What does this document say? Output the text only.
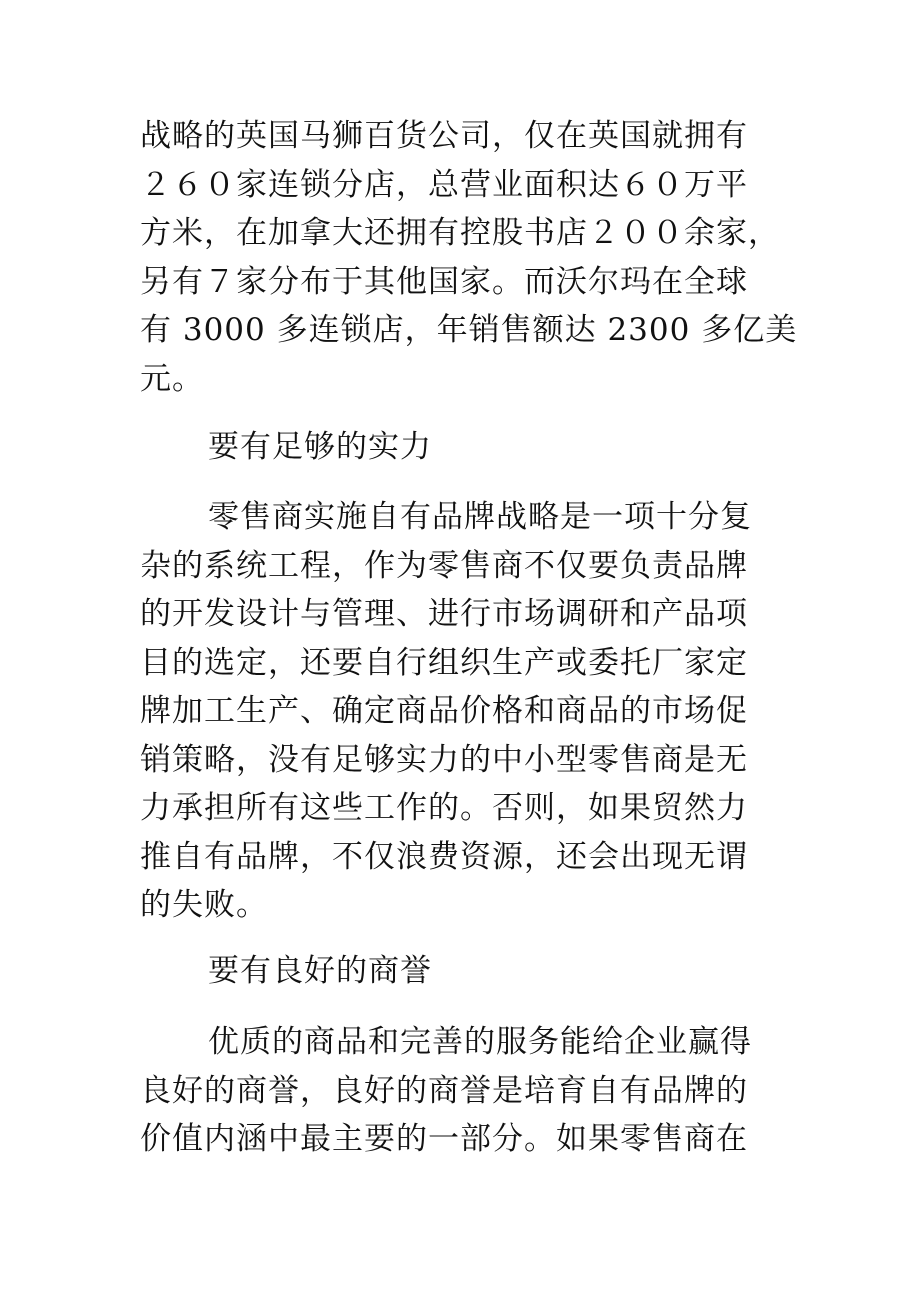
战略的英国马狮百货公司，仅在英国就拥有
２６０家连锁分店，总营业面积达６０万平
方米，在加拿大还拥有控股书店２００余家，
另有７家分布于其他国家。而沃尔玛在全球
有 3000 多连锁店，年销售额达 2300 多亿美
元。
要有足够的实力
零售商实施自有品牌战略是一项十分复
杂的系统工程，作为零售商不仅要负责品牌
的开发设计与管理、进行市场调研和产品项
目的选定，还要自行组织生产或委托厂家定
牌加工生产、确定商品价格和商品的市场促
销策略，没有足够实力的中小型零售商是无
力承担所有这些工作的。否则，如果贸然力
推自有品牌，不仅浪费资源，还会出现无谓
的失败。
要有良好的商誉
优质的商品和完善的服务能给企业赢得
良好的商誉，良好的商誉是培育自有品牌的
价值内涵中最主要的一部分。如果零售商在
